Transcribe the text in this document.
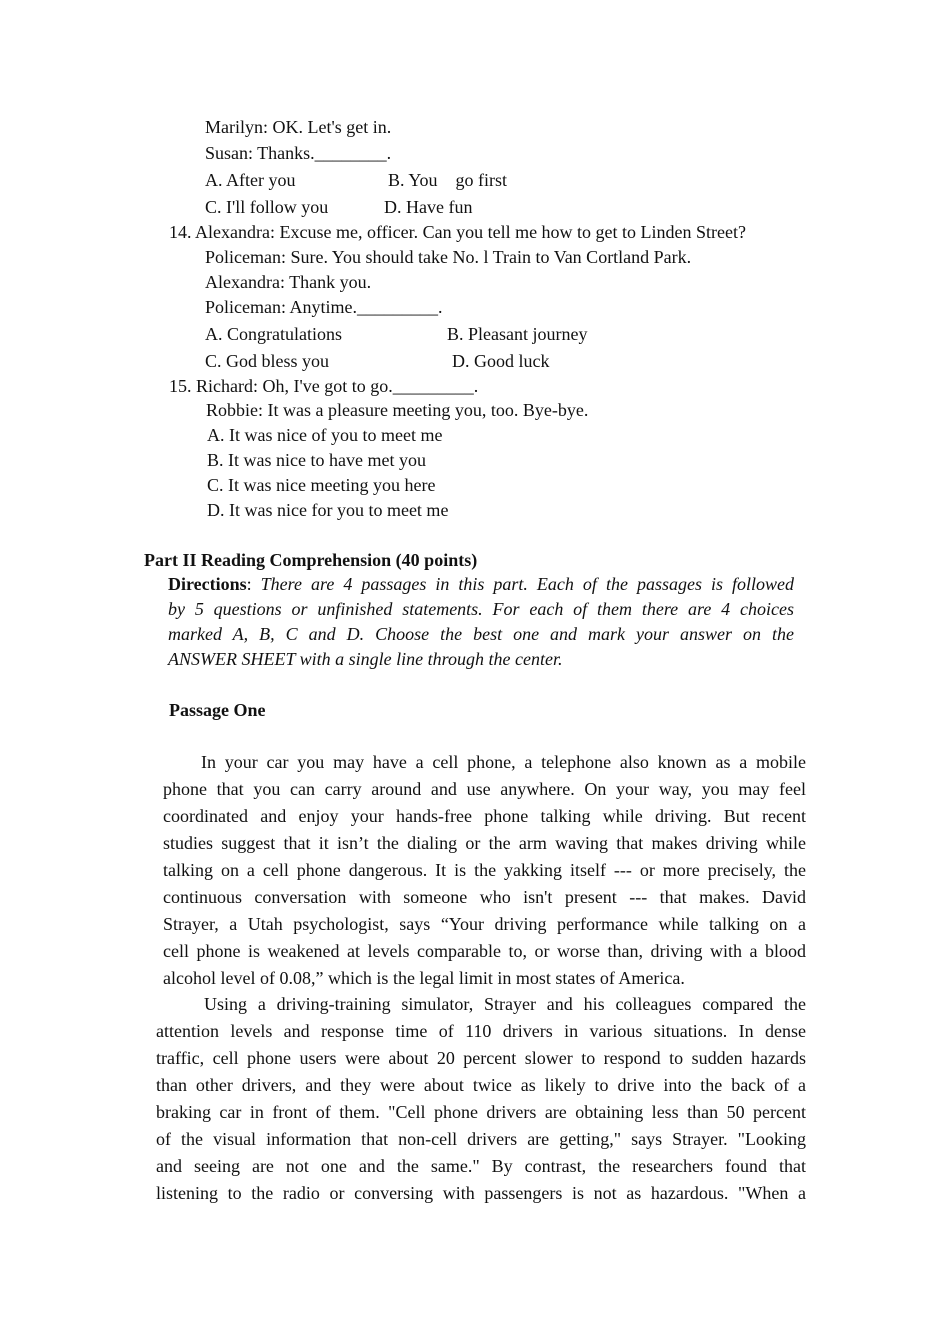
Marilyn: OK. Let's get in.
Susan: Thanks.________.
A. After you	B. You    go first
C. I'll follow you	D. Have fun
14. Alexandra: Excuse me, officer. Can you tell me how to get to Linden Street?
Policeman: Sure. You should take No. l Train to Van Cortland Park.
Alexandra: Thank you.
Policeman: Anytime._________.
A. Congratulations	B. Pleasant journey
C. God bless you	D. Good luck
15. Richard: Oh, I've got to go._________.
Robbie: It was a pleasure meeting you, too. Bye-bye.
A. It was nice of you to meet me
B. It was nice to have met you
C. It was nice meeting you here
D. It was nice for you to meet me
Part II Reading Comprehension (40 points)
Directions: There are 4 passages in this part. Each of the passages is followed
by 5 questions or unfinished statements. For each of them there are 4 choices
marked A, B, C and D. Choose the best one and mark your answer on the
ANSWER SHEET with a single line through the center.
Passage One
In your car you may have a cell phone, a telephone also known as a mobile
phone that you can carry around and use anywhere. On your way, you may feel
coordinated and enjoy your hands-free phone talking while driving. But recent
studies suggest that it isn’t the dialing or the arm waving that makes driving while
talking on a cell phone dangerous. It is the yakking itself --- or more precisely, the
continuous conversation with someone who isn't present --- that makes. David
Strayer, a Utah psychologist, says “Your driving performance while talking on a
cell phone is weakened at levels comparable to, or worse than, driving with a blood
alcohol level of 0.08,” which is the legal limit in most states of America.
Using a driving-training simulator, Strayer and his colleagues compared the
attention levels and response time of 110 drivers in various situations. In dense
traffic, cell phone users were about 20 percent slower to respond to sudden hazards
than other drivers, and they were about twice as likely to drive into the back of a
braking car in front of them. "Cell phone drivers are obtaining less than 50 percent
of the visual information that non-cell drivers are getting," says Strayer. "Looking
and seeing are not one and the same." By contrast, the researchers found that
listening to the radio or conversing with passengers is not as hazardous. "When a
